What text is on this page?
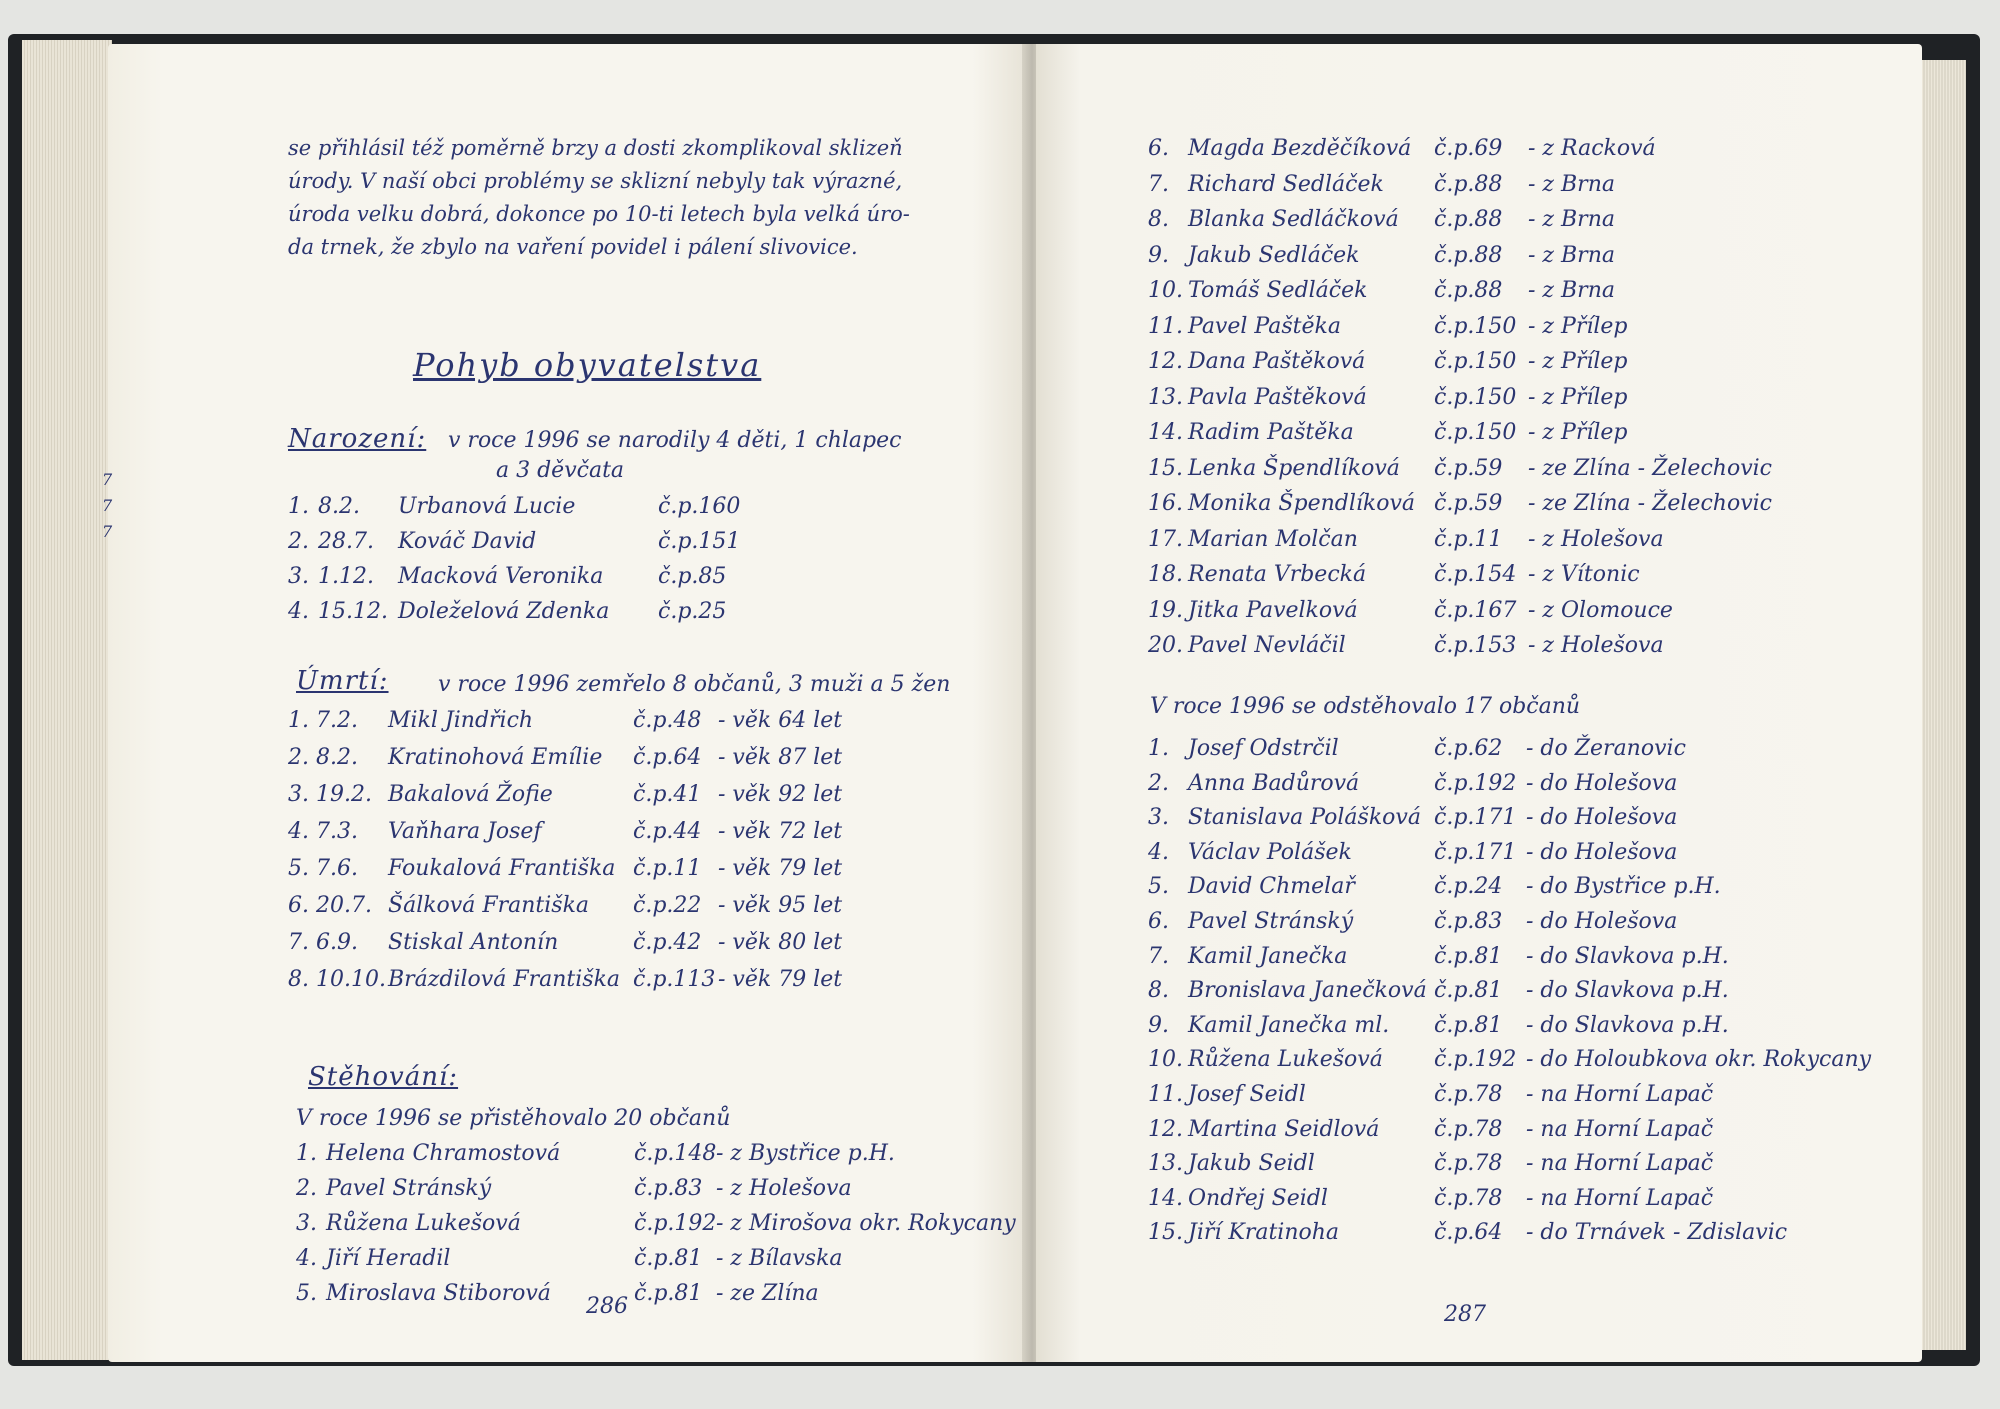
se přihlásil též poměrně brzy a dosti zkomplikoval sklizeň
úrody. V naší obci problémy se sklizní nebyly tak výrazné,
úroda velku dobrá, dokonce po 10-ti letech byla velká úro-
da trnek, že zbylo na vaření povidel i pálení slivovice.
Pohyb obyvatelstva
Narození: v roce 1996 se narodily 4 děti, 1 chlapec
a 3 děvčata
1. 8.2. Urbanová Lucie	č.p.160
2. 28.7. Kováč David	č.p.151
3. 1.12. Macková Veronika č.p.85
4. 15.12. Doleželová Zdenka č.p.25
Úmrtí: v roce 1996 zemřelo 8 občanů, 3 muži a 5 žen
1. 7.2. Mikl Jindřich	č.p.48 - věk 64 let
2. 8.2. Kratinohová Emílie č.p.64 - věk 87 let
3. 19.2. Bakalová Žofie	č.p.41 - věk 92 let
4. 7.3. Vaňhara Josef	č.p.44 - věk 72 let
5. 7.6. Foukalová Františka č.p.11 - věk 79 let
6. 20.7. Šálková Františka č.p.22 - věk 95 let
7. 6.9. Stiskal Antonín	č.p.42 - věk 80 let
8. 10.10. Brázdilová Františka č.p.113 - věk 79 let
Stěhování:
V roce 1996 se přistěhovalo 20 občanů
1. Helena Chramostová	č.p.148 - z Bystřice p.H.
2. Pavel Stránský	č.p.83 - z Holešova
3. Růžena Lukešová	č.p.192 - z Mirošova okr. Rokycany
4. Jiří Heradil	č.p.81 - z Bílavska
5. Miroslava Stiborová	č.p.81 - ze Zlína
7
7
7
286
6. Magda Bezděčíková č.p.69 - z Racková
7. Richard Sedláček č.p.88 - z Brna
8. Blanka Sedláčková č.p.88 - z Brna
9. Jakub Sedláček	č.p.88 - z Brna
10. Tomáš Sedláček	č.p.88 - z Brna
11. Pavel Paštěka	č.p.150 - z Přílep
12. Dana Paštěková	č.p.150 - z Přílep
13. Pavla Paštěková	č.p.150 - z Přílep
14. Radim Paštěka	č.p.150 - z Přílep
15. Lenka Špendlíková č.p.59 - ze Zlína - Želechovic
16. Monika Špendlíková č.p.59 - ze Zlína - Želechovic
17. Marian Molčan	č.p.11 - z Holešova
18. Renata Vrbecká	č.p.154 - z Vítonic
19. Jitka Pavelková	č.p.167 - z Olomouce
20. Pavel Nevláčil	č.p.153 - z Holešova
V roce 1996 se odstěhovalo 17 občanů
1. Josef Odstrčil	č.p.62 - do Žeranovic
2. Anna Badůrová	č.p.192 - do Holešova
3. Stanislava Polášková č.p.171 - do Holešova
4. Václav Polášek	č.p.171 - do Holešova
5. David Chmelař	č.p.24 - do Bystřice p.H.
6. Pavel Stránský	č.p.83 - do Holešova
7. Kamil Janečka	č.p.81 - do Slavkova p.H.
8. Bronislava Janečková č.p.81 - do Slavkova p.H.
9. Kamil Janečka ml. č.p.81 - do Slavkova p.H.
10. Růžena Lukešová č.p.192 - do Holoubkova okr. Rokycany
11. Josef Seidl	č.p.78 - na Horní Lapač
12. Martina Seidlová č.p.78 - na Horní Lapač
13. Jakub Seidl	č.p.78 - na Horní Lapač
14. Ondřej Seidl	č.p.78 - na Horní Lapač
15. Jiří Kratinoha	č.p.64 - do Trnávek - Zdislavic
287
